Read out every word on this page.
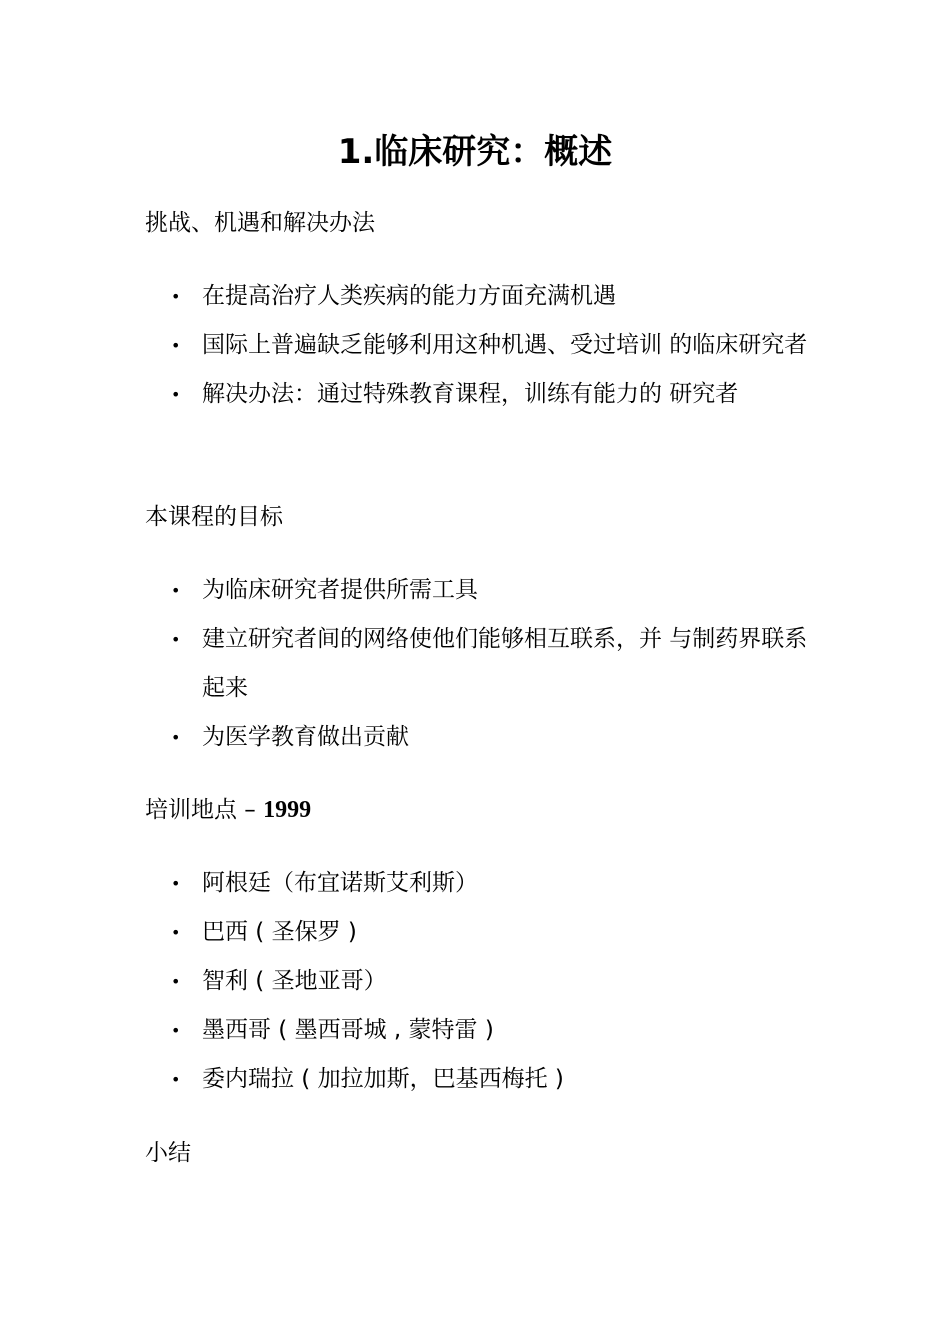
1.临床研究：概述
挑战、机遇和解决办法
• 在提高治疗人类疾病的能力方面充满机遇
• 国际上普遍缺乏能够利用这种机遇、受过培训 的临床研究者
• 解决办法：通过特殊教育课程，训练有能力的 研究者
本课程的目标
• 为临床研究者提供所需工具
• 建立研究者间的网络使他们能够相互联系，并 与制药界联系起来
• 为医学教育做出贡献
培训地点 – 1999
• 阿根廷（布宜诺斯艾利斯）
• 巴西 ( 圣保罗 )
• 智利 ( 圣地亚哥）
• 墨西哥 ( 墨西哥城 , 蒙特雷 )
• 委内瑞拉 ( 加拉加斯，巴基西梅托 )
小结
